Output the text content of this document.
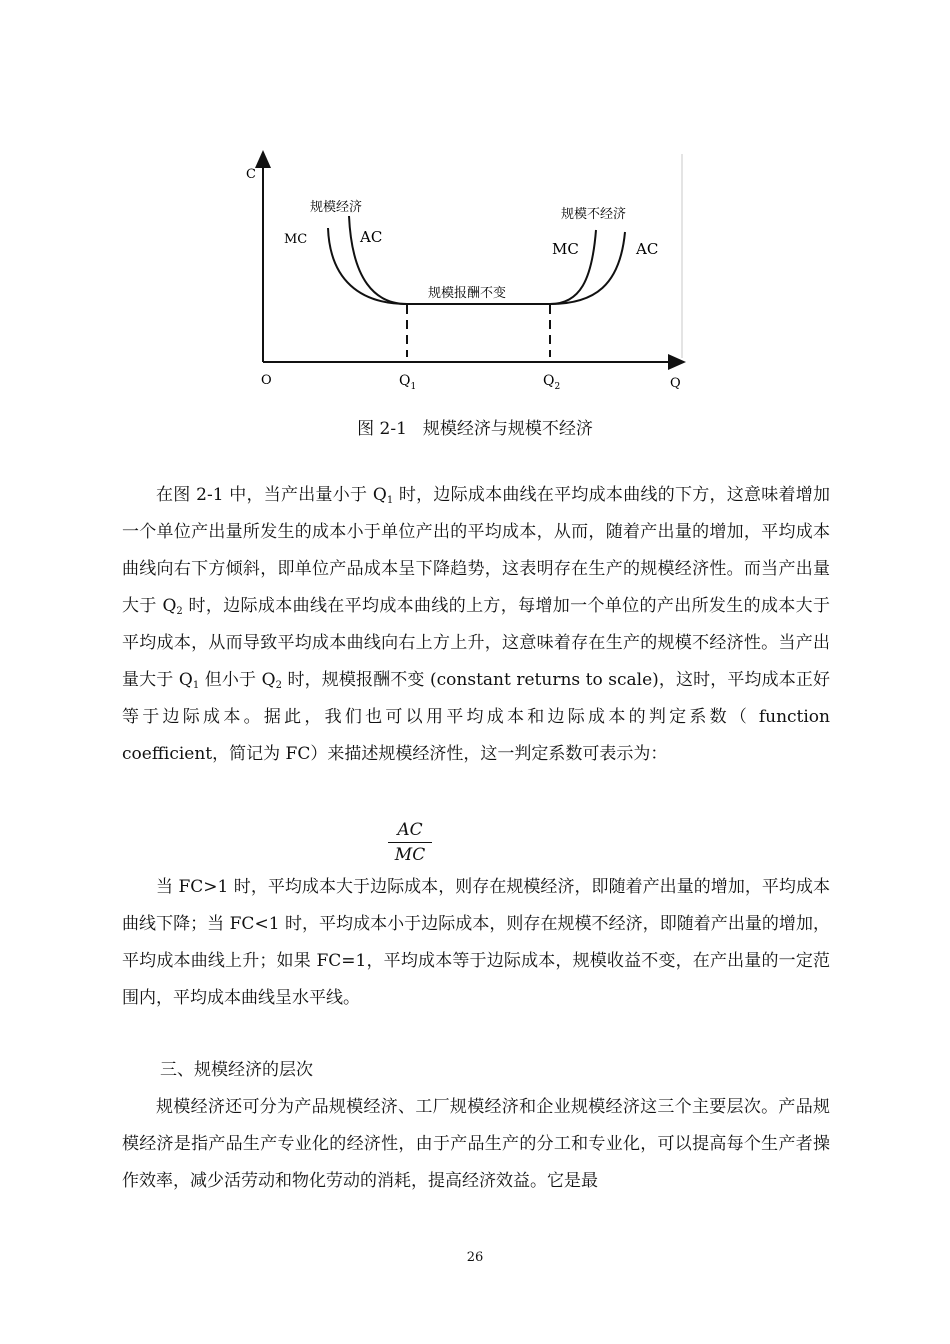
C
O	Q
$Q_1$	$Q_2$
规模经济	规模不经济
规模报酬不变
MC	AC
MC	AC
图 2-1 规模经济与规模不经济

在图 2-1 中，当产出量小于 $Q_1$ 时，边际成本曲线在平均成本曲线的下方，这意味着增加一个单位产出量所发生的成本小于单位产出的平均成本，从而，随着产出量的增加，平均成本曲线向右下方倾斜，即单位产品成本呈下降趋势，这表明存在生产的规模经济性。而当产出量大于 $Q_2$ 时，边际成本曲线在平均成本曲线的上方，每增加一个单位的产出所发生的成本大于平均成本，从而导致平均成本曲线向右上方上升，这意味着存在生产的规模不经济性。当产出量大于 $Q_1$ 但小于 $Q_2$ 时，规模报酬不变 (constant returns to scale)，这时，平均成本正好等于边际成本。据此，我们也可以用平均成本和边际成本的判定系数（ function coefficient，简记为 FC）来描述规模经济性，这一判定系数可表示为：

AC
MC

当 FC>1 时，平均成本大于边际成本，则存在规模经济，即随着产出量的增加，平均成本曲线下降；当 FC<1 时，平均成本小于边际成本，则存在规模不经济，即随着产出量的增加，平均成本曲线上升；如果 FC=1，平均成本等于边际成本，规模收益不变，在产出量的一定范围内，平均成本曲线呈水平线。

三、规模经济的层次

规模经济还可分为产品规模经济、工厂规模经济和企业规模经济这三个主要层次。产品规模经济是指产品生产专业化的经济性，由于产品生产的分工和专业化，可以提高每个生产者操作效率，减少活劳动和物化劳动的消耗，提高经济效益。它是最

26
